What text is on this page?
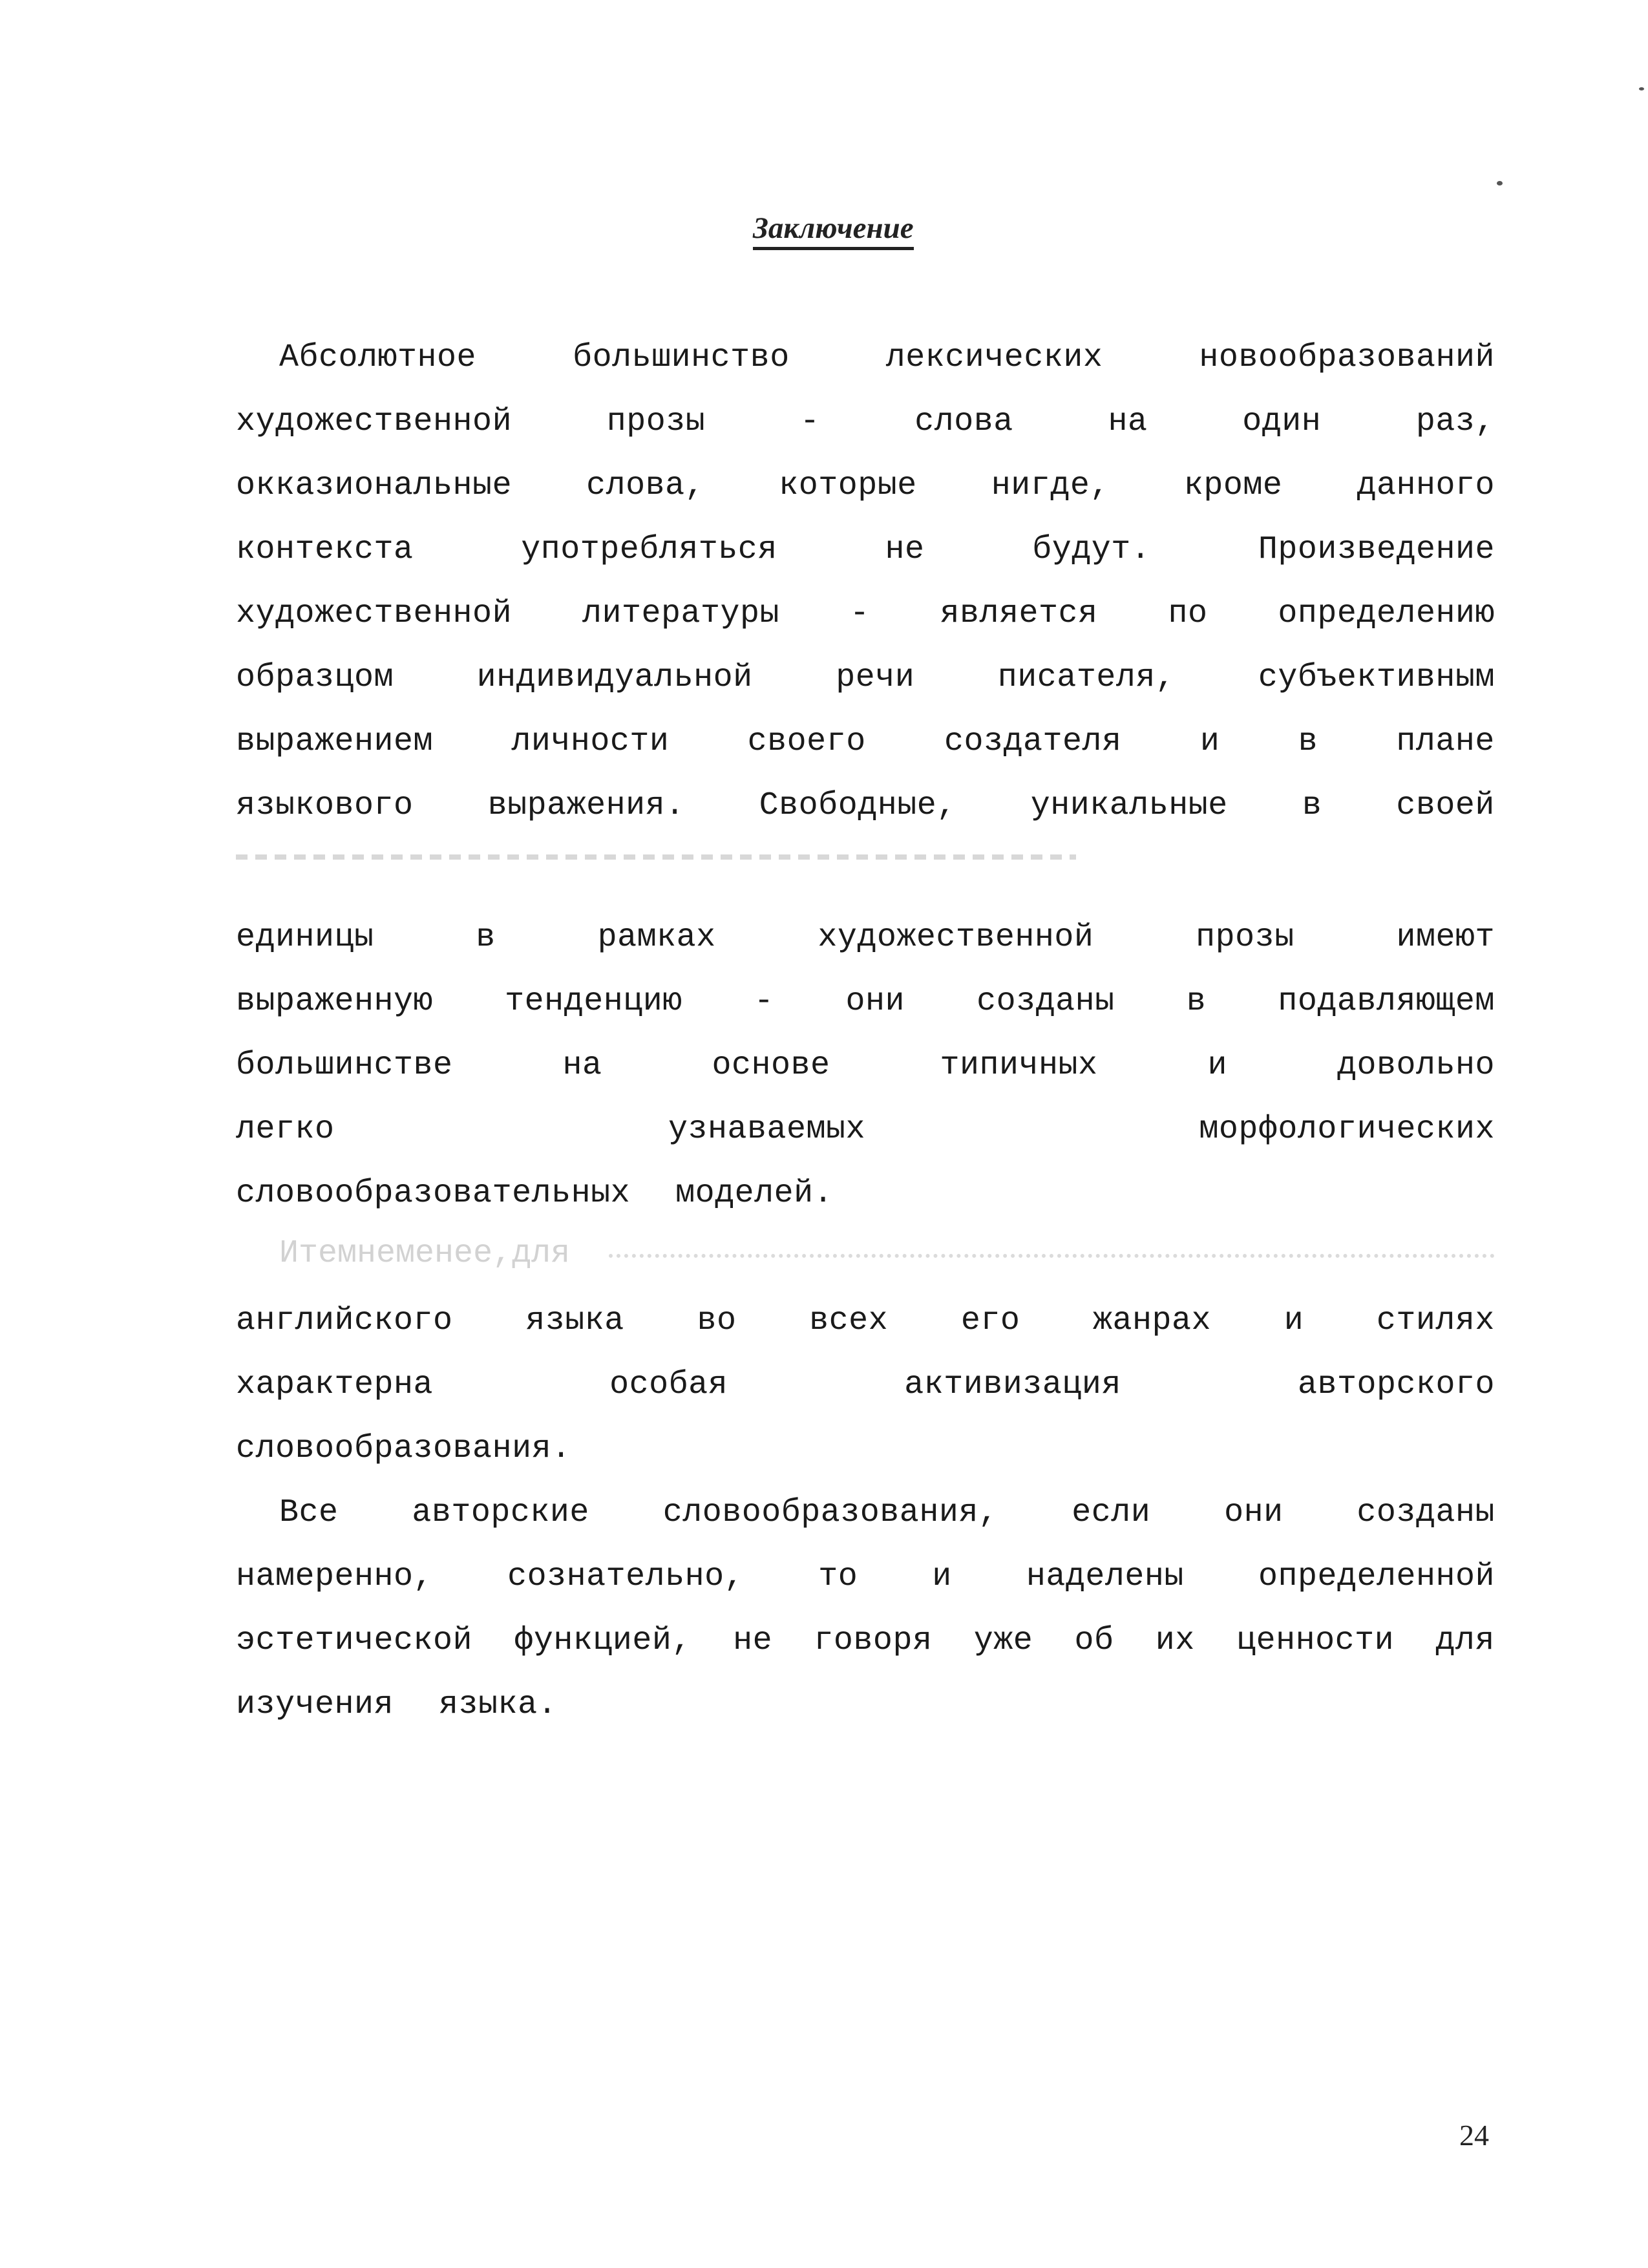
Заключение
Абсолютное	большинство	лексических	новообразований
художественной	прозы	-	слова	на	один	раз,
окказиональные слова, которые нигде, кроме данного
контекста	употребляться	не	будут.	Произведение
художественной литературы - является по определению
образцом	индивидуальной	речи	писателя,	субъективным
выражением личности своего создателя и в плане
языкового выражения. Свободные, уникальные в своей
единицы	в	рамках	художественной	прозы	имеют
выраженную тенденцию - они созданы в подавляющем
большинстве	на	основе	типичных	и	довольно
легко	узнаваемых	морфологических
словообразовательных моделей.
английского языка во всех его жанрах и стилях
характерна	особая	активизация	авторского
словообразования.
Все авторские словообразования, если они созданы
намеренно, сознательно, то и наделены определенной
эстетической функцией, не говоря уже об их ценности для
изучения языка.
И тем не менее, для
24
